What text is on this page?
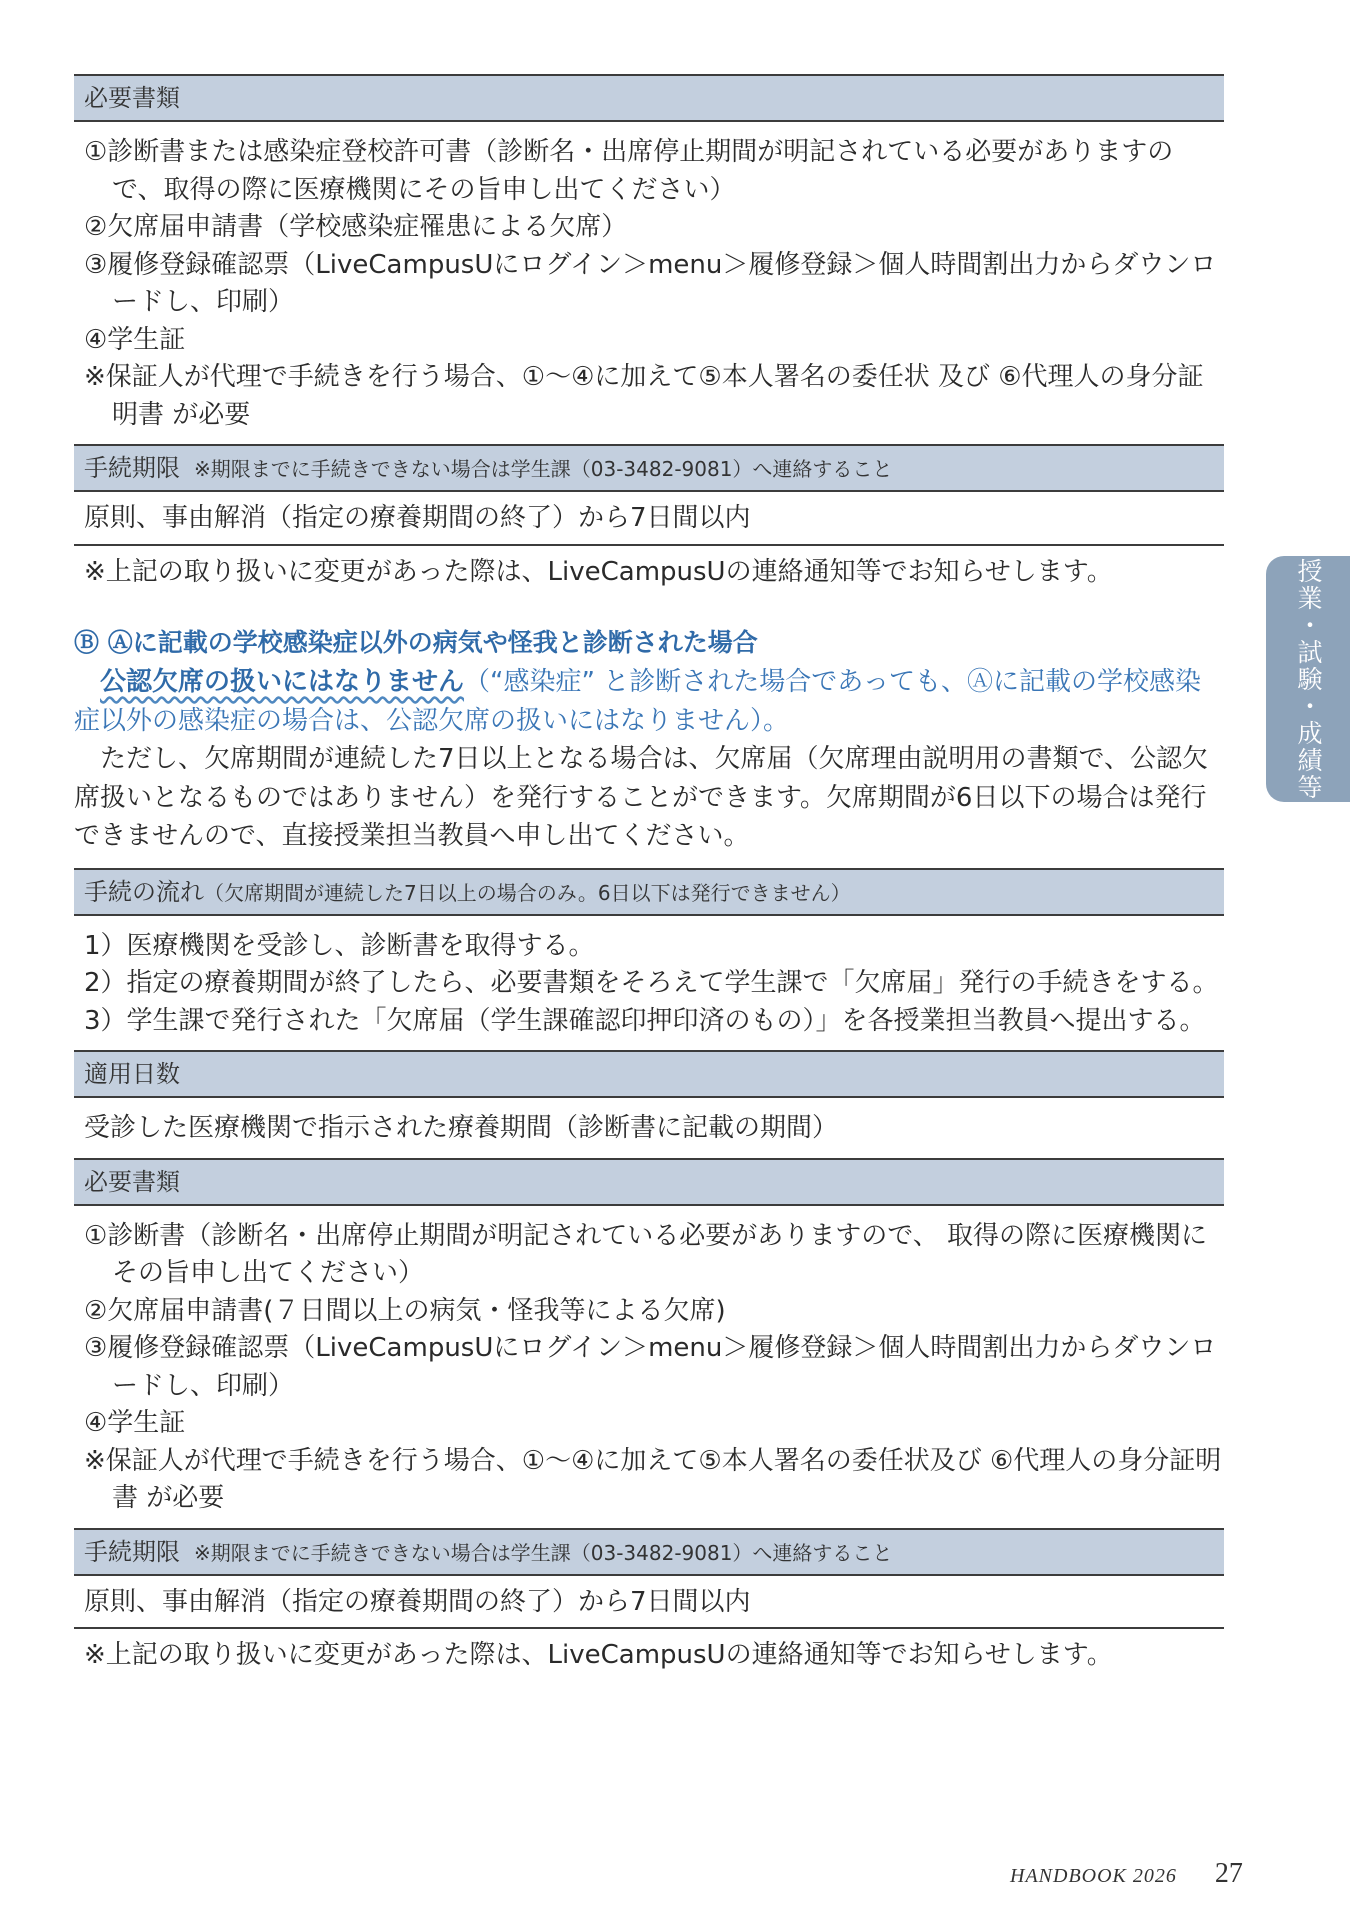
必要書類
①診断書または感染症登校許可書（診断名・出席停止期間が明記されている必要がありますので、取得の際に医療機関にその旨申し出てください）
②欠席届申請書（学校感染症罹患による欠席）
③履修登録確認票（LiveCampusUにログイン＞menu＞履修登録＞個人時間割出力からダウンロードし、印刷）
④学生証
※保証人が代理で手続きを行う場合、①～④に加えて⑤本人署名の委任状 及び ⑥代理人の身分証明書 が必要
手続期限 ※期限までに手続きできない場合は学生課（03-3482-9081）へ連絡すること
原則、事由解消（指定の療養期間の終了）から7日間以内
※上記の取り扱いに変更があった際は、LiveCampusUの連絡通知等でお知らせします。
Ⓑ Ⓐに記載の学校感染症以外の病気や怪我と診断された場合
公認欠席の扱いにはなりません（“感染症” と診断された場合であっても、Ⓐに記載の学校感染症以外の感染症の場合は、公認欠席の扱いにはなりません）。
ただし、欠席期間が連続した7日以上となる場合は、欠席届（欠席理由説明用の書類で、公認欠席扱いとなるものではありません）を発行することができます。欠席期間が6日以下の場合は発行できませんので、直接授業担当教員へ申し出てください。
手続の流れ（欠席期間が連続した7日以上の場合のみ。6日以下は発行できません）
1）医療機関を受診し、診断書を取得する。
2）指定の療養期間が終了したら、必要書類をそろえて学生課で「欠席届」発行の手続きをする。
3）学生課で発行された「欠席届（学生課確認印押印済のもの）」を各授業担当教員へ提出する。
適用日数
受診した医療機関で指示された療養期間（診断書に記載の期間）
必要書類
①診断書（診断名・出席停止期間が明記されている必要がありますので、 取得の際に医療機関にその旨申し出てください）
②欠席届申請書(７日間以上の病気・怪我等による欠席)
③履修登録確認票（LiveCampusUにログイン＞menu＞履修登録＞個人時間割出力からダウンロードし、印刷）
④学生証
※保証人が代理で手続きを行う場合、①～④に加えて⑤本人署名の委任状及び ⑥代理人の身分証明書 が必要
手続期限 ※期限までに手続きできない場合は学生課（03-3482-9081）へ連絡すること
原則、事由解消（指定の療養期間の終了）から7日間以内
※上記の取り扱いに変更があった際は、LiveCampusUの連絡通知等でお知らせします。
授業・試験・成績等
HANDBOOK 2026 27
